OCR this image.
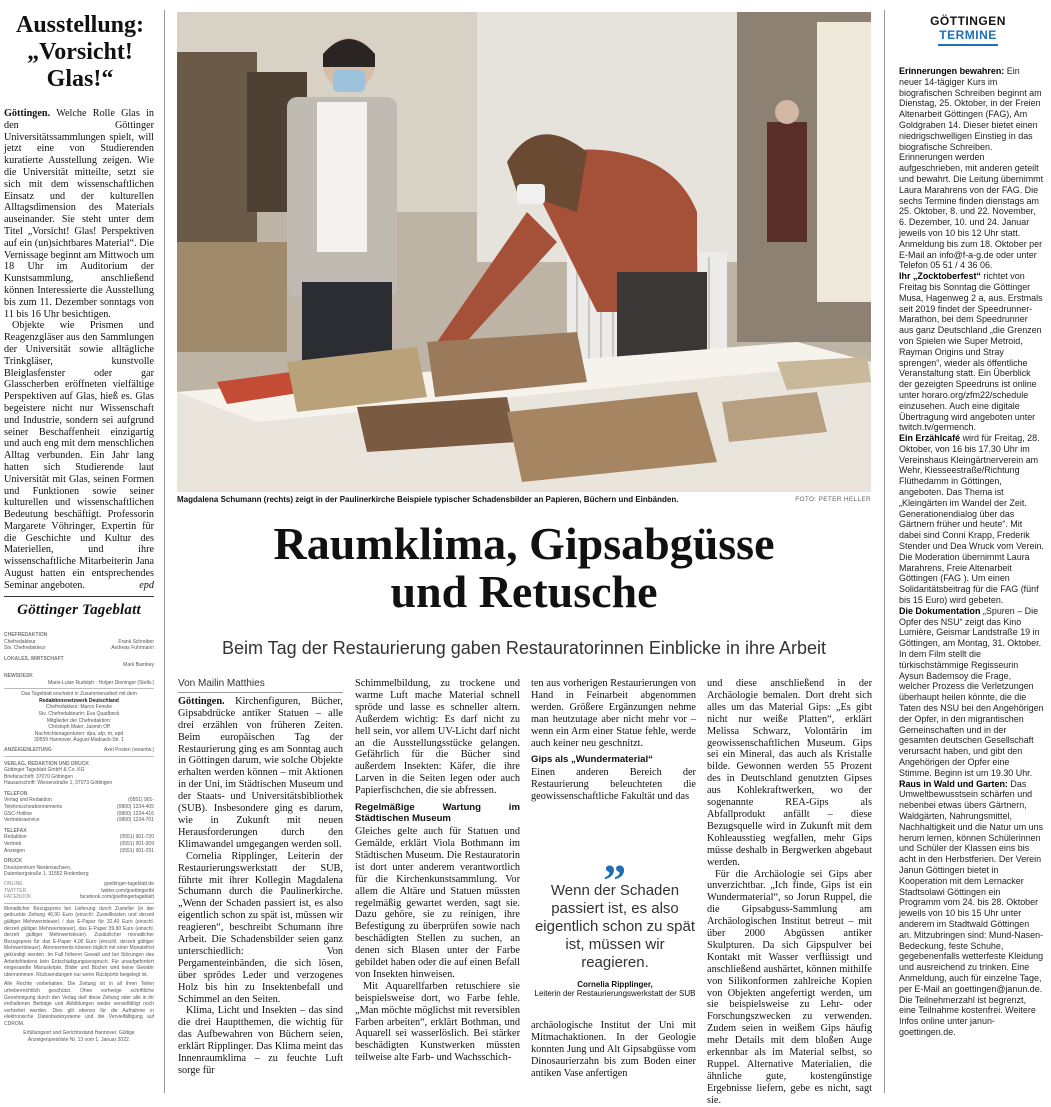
Ausstellung: „Vorsicht! Glas!“

Göttingen. Welche Rolle Glas in den Göttinger Universitätssammlungen spielt, will jetzt eine von Studierenden kuratierte Ausstellung zeigen. Wie die Universität mitteilte, setzt sie sich mit dem wissenschaftlichen Einsatz und der kulturellen Alltagsdimension des Materials auseinander. Sie steht unter dem Titel „Vorsicht! Glas! Perspektiven auf ein (un)sichtbares Material“. Die Vernissage beginnt am Mittwoch um 18 Uhr im Auditorium der Kunstsammlung, anschließend können Interessierte die Ausstellung bis zum 11. Dezember sonntags von 11 bis 16 Uhr besichtigen.

Objekte wie Prismen und Reagenzgläser aus den Sammlungen der Universität sowie alltägliche Trinkgläser, kunstvolle Bleiglasfenster oder gar Glasscherben eröffneten vielfältige Perspektiven auf Glas, hieß es. Glas begeistere nicht nur Wissenschaft und Industrie, sondern sei aufgrund seiner Beschaffenheit einzigartig und auch eng mit dem menschlichen Alltag verbunden. Ein Jahr lang hatten sich Studierende laut Universität mit Glas, seinen Formen und Funktionen sowie seiner kulturellen und wissenschaftlichen Bedeutung beschäftigt. Professorin Margarete Vöhringer, Expertin für die Geschichte und Kultur des Materiellen, und ihre wissenschaftliche Mitarbeiterin Jana August hatten ein entsprechendes Seminar angeboten.	epd

Göttinger Tageblatt
CHEFREDAKTION
Chefredakteur	Frank Schreiber
Stv. Chefredakteur	Andreas Fuhrmann
LOKALES, WIRTSCHAFT
Mark Bambey
NEWSDESK
Marie-Luise Rudolph · Holger Dieninger (Stellv.)
Das Tageblatt erscheint in Zusammenarbeit mit dem
Redaktionsnetzwerk Deutschland
Chefredakteur: Marco Fenske
Stv. Chefredakteurin: Eva Quadbeck
Mitglieder der Chefredaktion:
Christoph Maier, Jasmin Off
Nachrichtenagenturen: dpa, afp, rtr, epd
30559 Hannover, August-Madsack-Str. 1
ANZEIGENLEITUNG	Axel Posten (verantw.)
VERLAG, REDAKTION UND DRUCK
Göttinger Tageblatt GmbH & Co. KG
Briefanschrift: 37070 Göttingen
Hausanschrift: Wiesenstraße 1, 37073 Göttingen
TELEFON
Verlag und Redaktion	(0551) 901-
Telefonischeabonnements	(0800) 1234-405
GSC-Hotline	(0800) 1234-416
Vertriebsservice	(0800) 1234-701
TELEFAX
Redaktion	(0551) 901-720
Vertrieb	(0551) 901-309
Anzeigen	(0551) 901-291
DRUCK
Druckzentrum Niedersachsen,
Dutenbergstraße 1, 31552 Rodenberg
ONLINE	goettinger-tageblatt.de
TWITTER	twitter.com/goettingertbl
FACEBOOK	facebook.com/goettingertageblatt
Monatlicher Bezugspreis bei Lieferung durch Zusteller (in der gedruckte Zeitung 46,90 Euro (einschl. Zustellkosten und derzeit gültiger Mehrwertsteuer) / das E-Paper für 32,40 Euro (einschl. derzeit gültiger Mehrwertsteuer), das E-Paper 39,90 Euro (einschl. derzeit gültiger Mehrwertsteuer). Zusätzlicher monatlicher Bezugspreis für das E-Paper 4,00 Euro (einschl. derzeit gültiger Mehrwertsteuer). Abonnements können täglich mit einer Monatsfrist gekündigt werden. Im Fall höherer Gewalt und bei Störungen des Arbeitsfriedens kein Entschädigungsanspruch. Für unaufgefordert eingesandte Manuskripte, Bilder und Bücher wird keine Gewähr übernommen. Rücksendungen nur wenn Rückporto beigelegt ist.
Alle Rechte vorbehalten. Die Zeitung ist in all ihren Teilen urheberrechtlich geschützt. Ohne vorherige schriftliche Genehmigung durch den Verlag darf diese Zeitung oder alle in ihr enthaltenen Beiträge und Abbildungen weder vervielfältigt noch verbreitet werden. Dies gilt ebenso für die Aufnahme in elektronische Datenbanksysteme und die Vervielfältigung auf CDROM.
Erfüllungsort und Gerichtsstand Hannover. Gültige Anzeigenpreisliste Nr. 13 vom 1. Januar 2022.
Magdalena Schumann (rechts) zeigt in der Paulinerkirche Beispiele typischer Schadensbilder an Papieren, Büchern und Einbänden.	FOTO: PETER HELLER
Raumklima, Gipsabgüsse
und Retusche
Beim Tag der Restaurierung gaben Restauratorinnen Einblicke in ihre Arbeit
Von Mailin Matthies

Göttingen. Kirchenfiguren, Bücher, Gipsabdrücke antiker Statuen – alle drei erzählen von früheren Zeiten. Beim europäischen Tag der Restaurierung ging es am Sonntag auch in Göttingen darum, wie solche Objekte erhalten werden können – mit Aktionen in der Uni, im Städtischen Museum und der Staats- und Universitätsbibliothek (SUB). Insbesondere ging es darum, wie in Zukunft mit neuen Herausforderungen durch den Klimawandel umgegangen werden soll.

Cornelia Ripplinger, Leiterin der Restaurierungswerkstatt der SUB, führte mit ihrer Kollegin Magdalena Schumann durch die Paulinerkirche. „Wenn der Schaden passiert ist, es also eigentlich schon zu spät ist, müssen wir reagieren“, beschreibt Schumann ihre Arbeit. Die Schadensbilder seien ganz unterschiedlich: Von Pergamenteinbänden, die sich lösen, über sprödes Leder und verzogenes Holz bis hin zu Insektenbefall und Schimmel an den Seiten.

Klima, Licht und Insekten – das sind die drei Hauptthemen, die wichtig für das Aufbewahren von Büchern seien, erklärt Ripplinger. Das Klima meint das Innenraumklima – zu feuchte Luft sorge für

Schimmelbildung, zu trockene und warme Luft mache Material schnell spröde und lasse es schneller altern. Außerdem wichtig: Es darf nicht zu hell sein, vor allem UV-Licht darf nicht an die Ausstellungsstücke gelangen. Gefährlich für die Bücher sind außerdem Insekten: Käfer, die ihre Larven in die Seiten legen oder auch Papierfischchen, die sie abfressen.

Regelmäßige Wartung im Städtischen Museum

Gleiches gelte auch für Statuen und Gemälde, erklärt Viola Bothmann im Städtischen Museum. Die Restauratorin ist dort unter anderem verantwortlich für die Kirchenkunstsammlung. Vor allem die Altäre und Statuen müssten regelmäßig gewartet werden, sagt sie. Dazu gehöre, sie zu reinigen, ihre Befestigung zu überprüfen sowie nach beschädigten Stellen zu suchen, an denen sich Blasen unter der Farbe gebildet haben oder die auf einen Befall von Insekten hinweisen.

Mit Aquarellfarben retuschiere sie beispielsweise dort, wo Farbe fehle. „Man möchte möglichst mit reversiblen Farben arbeiten“, erklärt Bothman, und Aquarell sei wasserlöslich. Bei stärker beschädigten Kunstwerken müssten teilweise alte Farb- und Wachsschich-

ten aus vorherigen Restaurierungen von Hand in Feinarbeit abgenommen werden. Größere Ergänzungen nehme man heutzutage aber nicht mehr vor – wenn ein Arm einer Statue fehle, werde auch keiner neu geschnitzt.

Gips als „Wundermaterial“

Einen anderen Bereich der Restaurierung beleuchteten die geowissenschaftliche Fakultät und das

archäologische Institut der Uni mit Mitmachaktionen. In der Geologie konnten Jung und Alt Gipsabgüsse vom Dinosaurierzahn bis zum Boden einer antiken Vase anfertigen

und diese anschließend in der Archäologie bemalen. Dort dreht sich alles um das Material Gips: „Es gibt nicht nur weiße Platten“, erklärt Melissa Schwarz, Volontärin im geowissenschaftlichen Museum. Gips sei ein Mineral, das auch als Kristalle bilde. Gewonnen werden 55 Prozent des in Deutschland genutzten Gipses aus Kohlekraftwerken, wo der sogenannte REA-Gips als Abfallprodukt anfällt – diese Bezugsquelle wird in Zukunft mit dem Kohleausstieg wegfallen, mehr Gips müsse deshalb in Bergwerken abgebaut werden.

Für die Archäologie sei Gips aber unverzichtbar. „Ich finde, Gips ist ein Wundermaterial“, so Jorun Ruppel, die die Gipsabguss-Sammlung am Archäologischen Institut betreut – mit über 2000 Abgüssen antiker Skulpturen. Da sich Gipspulver bei Kontakt mit Wasser verflüssigt und anschließend aushärtet, können mithilfe von Silikonformen zahlreiche Kopien von Objekten angefertigt werden, um sie beispielsweise zu Lehr- oder Forschungszwecken zu verwenden. Zudem seien in weißem Gips häufig mehr Details mit dem bloßen Auge erkennbar als im Material selbst, so Ruppel. Alternative Materialien, die ähnliche gute, kostengünstige Ergebnisse liefern, gebe es nicht, sagt sie.

„
Wenn der Schaden passiert ist, es also eigentlich schon zu spät ist, müssen wir reagieren.
Cornelia Ripplinger,
Leiterin der Restaurierungswerkstatt der SUB
GÖTTINGEN
TERMINE

Erinnerungen bewahren: Ein neuer 14-tägiger Kurs im biografischen Schreiben beginnt am Dienstag, 25. Oktober, in der Freien Altenarbeit Göttingen (FAG), Am Goldgraben 14. Dieser bietet einen niedrigschwelligen Einstieg in das biografische Schreiben. Erinnerungen werden aufgeschrieben, mit anderen geteilt und bewahrt. Die Leitung übernimmt Laura Marahrens von der FAG. Die sechs Termine finden dienstags am 25. Oktober, 8. und 22. November, 6. Dezember, 10. und 24. Januar jeweils von 10 bis 12 Uhr statt. Anmeldung bis zum 18. Oktober per E-Mail an info@f-a-g.de oder unter Telefon 05 51 / 4 36 06.

Ihr „Zocktoberfest“ richtet von Freitag bis Sonntag die Göttinger Musa, Hagenweg 2 a, aus. Erstmals seit 2019 findet der Speedrunner-Marathon, bei dem Speedrunner aus ganz Deutschland „die Grenzen von Spielen wie Super Metroid, Rayman Origins und Stray sprengen“, wieder als öffentliche Veranstaltung statt. Ein Überblick der gezeigten Speedruns ist online unter horaro.org/zfm22/schedule einzusehen. Auch eine digitale Übertragung wird angeboten unter twitch.tv/germench.

Ein Erzählcafé wird für Freitag, 28. Oktober, von 16 bis 17.30 Uhr im Vereinshaus Kleingärtnerverein am Wehr, Kiesseestraße/Richtung Flüthedamm in Göttingen, angeboten. Das Thema ist „Kleingärten im Wandel der Zeit. Generationendialog über das Gärtnern früher und heute“. Mit dabei sind Conni Krapp, Frederik Stender und Dea Wruck vom Verein. Die Moderation übernimmt Laura Marahrens, Freie Altenarbeit Göttingen (FAG ). Um einen Solidaritätsbeitrag für die FAG (fünf bis 15 Euro) wird gebeten.

Die Dokumentation „Spuren – Die Opfer des NSU“ zeigt das Kino Lumière, Geismar Landstraße 19 in Göttingen, am Montag, 31. Oktober. In dem Film stellt die türkischstämmige Regisseurin Aysun Bademsoy die Frage, welcher Prozess die Verletzungen überhaupt heilen könnte, die die Taten des NSU bei den Angehörigen der Opfer, in den migrantischen Gemeinschaften und in der gesamten deutschen Gesellschaft verursacht haben, und gibt den Angehörigen der Opfer eine Stimme. Beginn ist um 19.30 Uhr.

Raus in Wald und Garten: Das Umweltbewusstsein schärfen und nebenbei etwas übers Gärtnern, Waldgärten, Nahrungsmittel, Nachhaltigkeit und die Natur um uns herum lernen, können Schülerinnen und Schüler der Klassen eins bis acht in den Herbstferien. Der Verein Janun Göttingen bietet in Kooperation mit dem Lernacker Stadtsolawi Göttingen ein Programm vom 24. bis 28. Oktober jeweils von 10 bis 15 Uhr unter anderem im Stadtwald Göttingen an. Mitzubringen sind: Mund-Nasen-Bedeckung, feste Schuhe, gegebenenfalls wetterfeste Kleidung und ausreichend zu trinken. Eine Anmeldung, auch für einzelne Tage, per E-Mail an goettingen@janun.de. Die Teilnehmerzahl ist begrenzt, eine Teilnahme kostenfrei. Weitere Infos online unter janun-goettingen.de.
